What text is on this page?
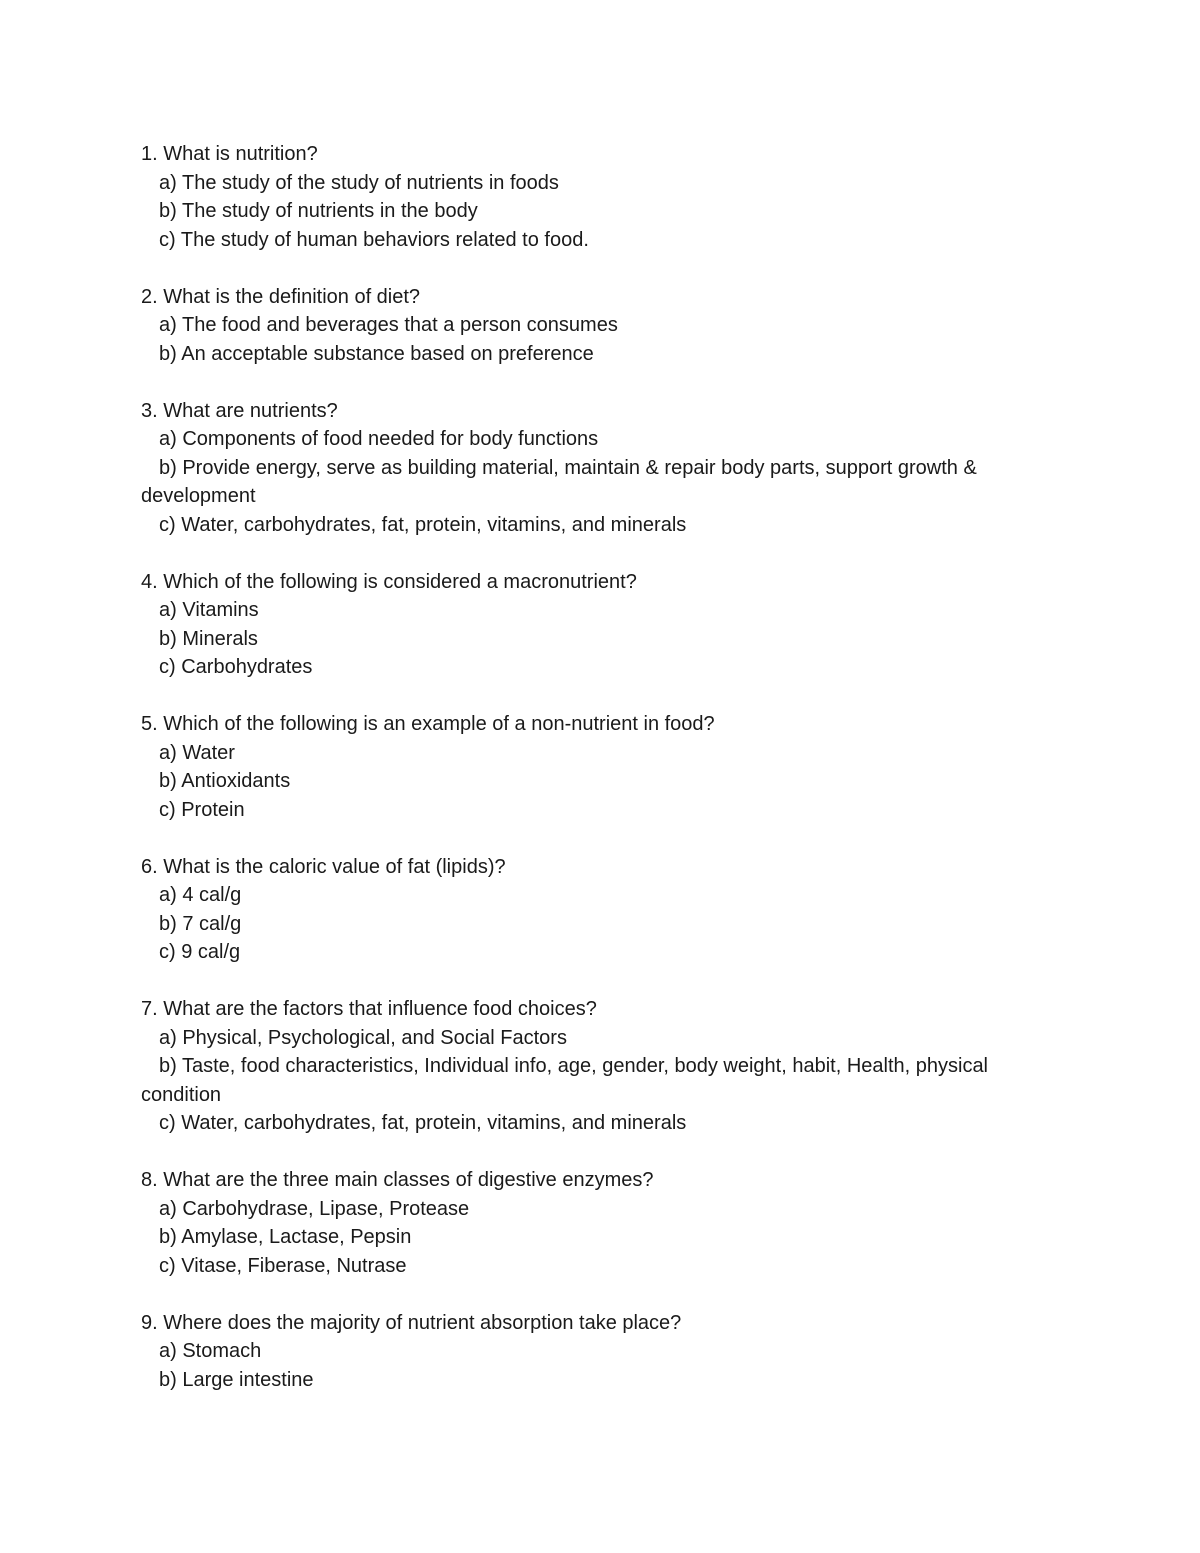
1. What is nutrition?

a) The study of the study of nutrients in foods

b) The study of nutrients in the body

c) The study of human behaviors related to food.

2. What is the definition of diet?

a) The food and beverages that a person consumes

b) An acceptable substance based on preference

3. What are nutrients?

a) Components of food needed for body functions

b) Provide energy, serve as building material, maintain & repair body parts, support growth & development

c) Water, carbohydrates, fat, protein, vitamins, and minerals

4. Which of the following is considered a macronutrient?

a) Vitamins

b) Minerals

c) Carbohydrates

5. Which of the following is an example of a non-nutrient in food?

a) Water

b) Antioxidants

c) Protein

6. What is the caloric value of fat (lipids)?

a) 4 cal/g

b) 7 cal/g

c) 9 cal/g

7. What are the factors that influence food choices?

a) Physical, Psychological, and Social Factors

b) Taste, food characteristics, Individual info, age, gender, body weight, habit, Health, physical condition

c) Water, carbohydrates, fat, protein, vitamins, and minerals

8. What are the three main classes of digestive enzymes?

a) Carbohydrase, Lipase, Protease

b) Amylase, Lactase, Pepsin

c) Vitase, Fiberase, Nutrase

9. Where does the majority of nutrient absorption take place?

a) Stomach

b) Large intestine
